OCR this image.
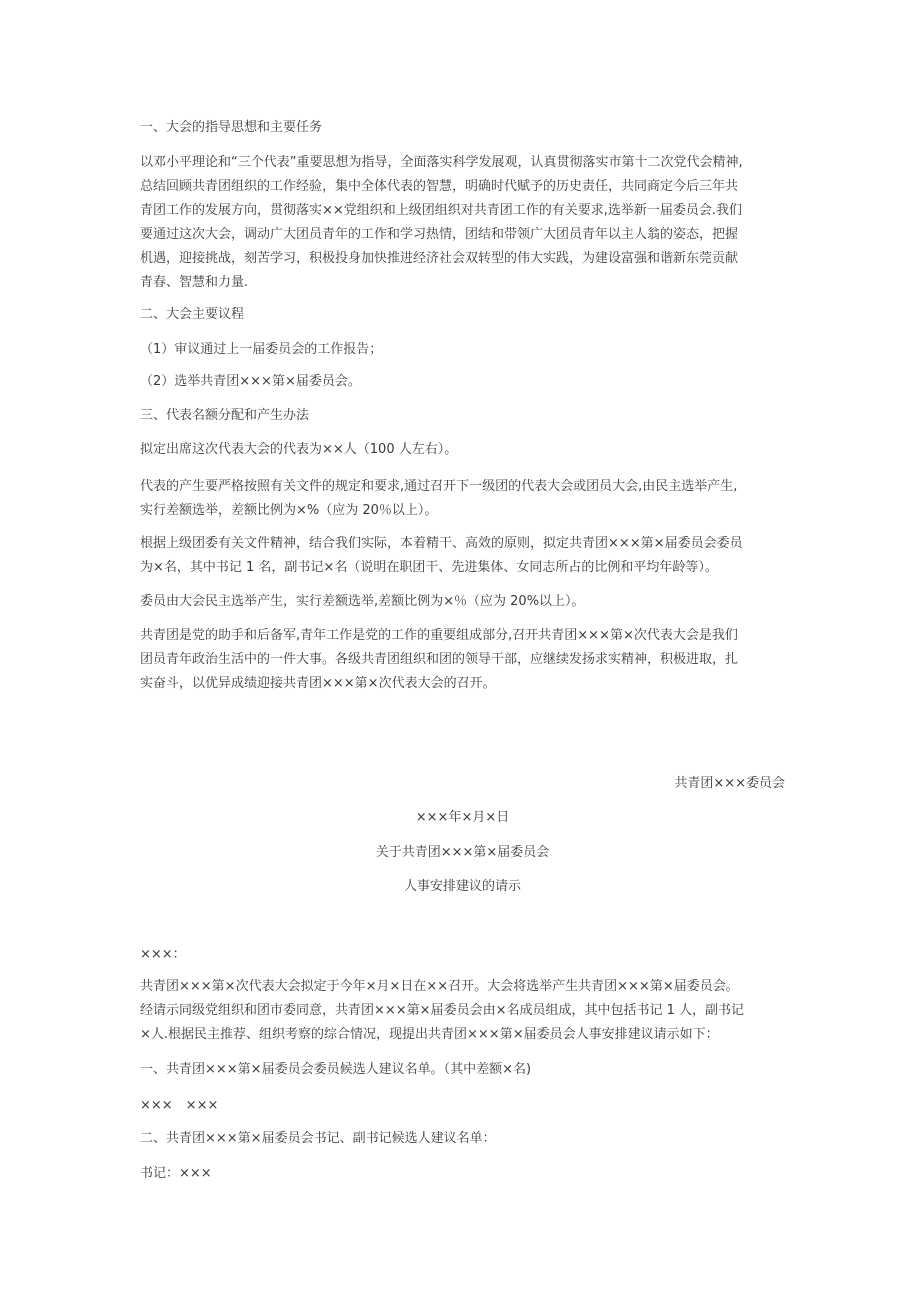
一、大会的指导思想和主要任务

以邓小平理论和“三个代表”重要思想为指导，全面落实科学发展观，认真贯彻落实市第十二次党代会精神,
总结回顾共青团组织的工作经验，集中全体代表的智慧，明确时代赋予的历史责任，共同商定今后三年共
青团工作的发展方向，贯彻落实××党组织和上级团组织对共青团工作的有关要求,选举新一届委员会.我们
要通过这次大会，调动广大团员青年的工作和学习热情，团结和带领广大团员青年以主人翁的姿态，把握
机遇，迎接挑战，刻苦学习，积极投身加快推进经济社会双转型的伟大实践，为建设富强和谐新东莞贡献
青春、智慧和力量.

二、大会主要议程

（1）审议通过上一届委员会的工作报告；

（2）选举共青团×××第×届委员会。

三、代表名额分配和产生办法

拟定出席这次代表大会的代表为××人（100 人左右）。

代表的产生要严格按照有关文件的规定和要求,通过召开下一级团的代表大会或团员大会,由民主选举产生,
实行差额选举，差额比例为×%（应为 20％以上）。
根据上级团委有关文件精神，结合我们实际，本着精干、高效的原则，拟定共青团×××第×届委员会委员
为×名，其中书记 1 名，副书记×名（说明在职团干、先进集体、女同志所占的比例和平均年龄等）。

委员由大会民主选举产生，实行差额选举,差额比例为×％（应为 20%以上）。

共青团是党的助手和后备军,青年工作是党的工作的重要组成部分,召开共青团×××第×次代表大会是我们
团员青年政治生活中的一件大事。各级共青团组织和团的领导干部，应继续发扬求实精神，积极进取，扎
实奋斗，以优异成绩迎接共青团×××第×次代表大会的召开。

共青团×××委员会

×××年×月×日

关于共青团×××第×届委员会

人事安排建议的请示

×××：

共青团×××第×次代表大会拟定于今年×月×日在××召开。大会将选举产生共青团×××第×届委员会。
经请示同级党组织和团市委同意，共青团×××第×届委员会由×名成员组成，其中包括书记 1 人，副书记
×人.根据民主推荐、组织考察的综合情况，现提出共青团×××第×届委员会人事安排建议请示如下：

一、共青团×××第×届委员会委员候选人建议名单。（其中差额×名)

×××　×××

二、共青团×××第×届委员会书记、副书记候选人建议名单：

书记：×××
